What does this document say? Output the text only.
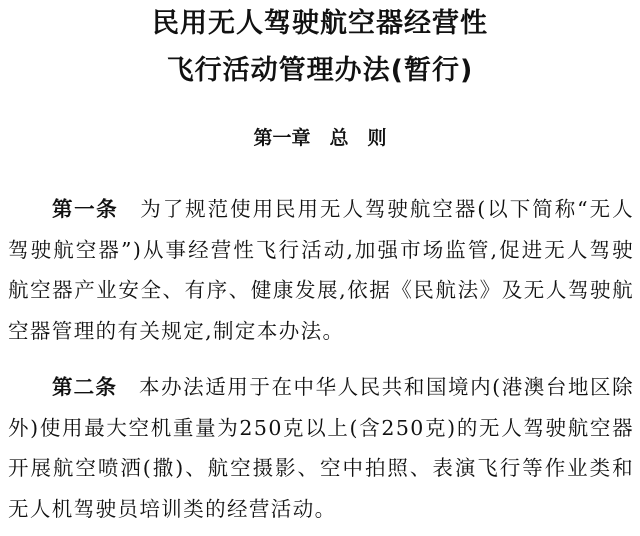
民用无人驾驶航空器经营性
飞行活动管理办法(暂行)
第一章　总　则

第一条 为了规范使用民用无人驾驶航空器(以下简称“无人驾驶航空器”)从事经营性飞行活动,加强市场监管,促进无人驾驶航空器产业安全、有序、健康发展,依据《民航法》及无人驾驶航空器管理的有关规定,制定本办法。

第二条 本办法适用于在中华人民共和国境内(港澳台地区除外)使用最大空机重量为250克以上(含250克)的无人驾驶航空器开展航空喷洒(撒)、航空摄影、空中拍照、表演飞行等作业类和无人机驾驶员培训类的经营活动。
